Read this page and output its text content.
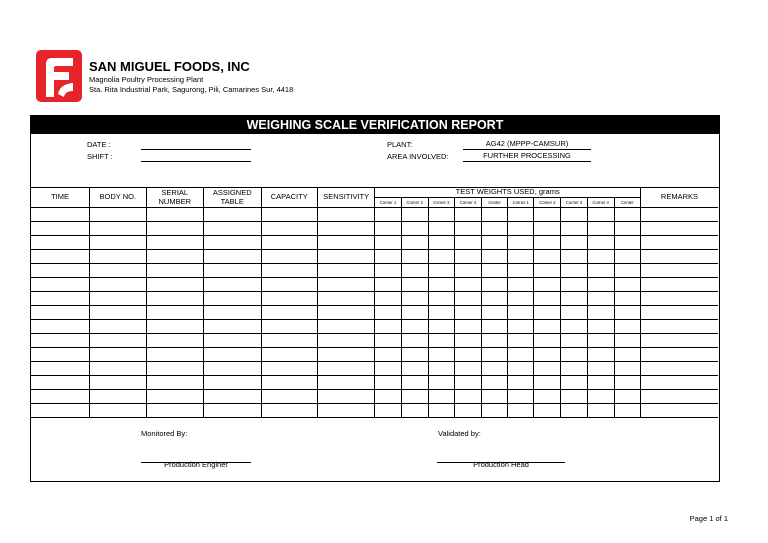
SAN MIGUEL FOODS, INC
Magnolia Poultry Processing Plant
Sta. Rita Industrial Park, Sagurong, Pili, Camarines Sur, 4418
WEIGHING SCALE VERIFICATION REPORT
DATE :
SHIFT :
PLANT:	AG42 (MPPP-CAMSUR)
AREA INVOLVED:	FURTHER PROCESSING
TIME	BODY NO.	SERIAL NUMBER	ASSIGNED TABLE	CAPACITY	SENSITIVITY	TEST WEIGHTS USED, grams										REMARKS
						Corner 1	Corner 2	Corner 3	Corner 4	Center	Corner 1	Corner 2	Corner 3	Corner 4	Center	

Monitored By:
Production Enginer
Validated by:
Production Head
Page 1 of 1
